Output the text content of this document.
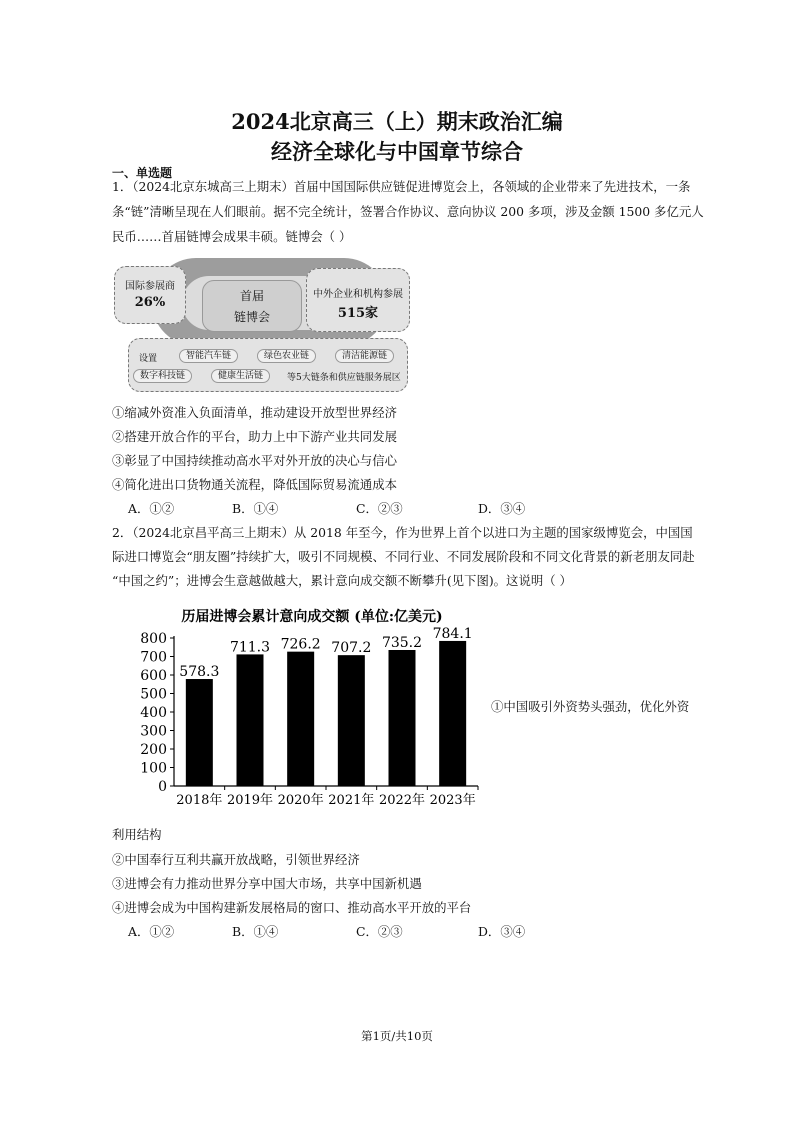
2024北京高三（上）期末政治汇编
经济全球化与中国章节综合
一、单选题
1．（2024北京东城高三上期末）首届中国国际供应链促进博览会上，各领域的企业带来了先进技术，一条
条“链”清晰呈现在人们眼前。据不完全统计，签署合作协议、意向协议 200 多项，涉及金额 1500 多亿元人
民币……首届链博会成果丰硕。链博会（ ）
国际参展商
26%	首届
链博会
中外企业和机构参展
515家
设置	智能汽车链	绿色农业链	清洁能源链
数字科技链	健康生活链	等5大链条和供应链服务展区
①缩减外资准入负面清单，推动建设开放型世界经济
②搭建开放合作的平台，助力上中下游产业共同发展
③彰显了中国持续推动高水平对外开放的决心与信心
④简化进出口货物通关流程，降低国际贸易流通成本
A．①②	B．①④	C．②③	D．③④
2．（2024北京昌平高三上期末）从 2018 年至今，作为世界上首个以进口为主题的国家级博览会，中国国
际进口博览会“朋友圈”持续扩大，吸引不同规模、不同行业、不同发展阶段和不同文化背景的新老朋友同赴
“中国之约”；进博会生意越做越大，累计意向成交额不断攀升(见下图)。这说明（ ）
历届进博会累计意向成交额 (单位:亿美元)
0
100
200
300
400
500
600
700
800
578.3
2018年
711.3
2019年
726.2
2020年
707.2
2021年
735.2
2022年
784.1
2023年
①中国吸引外资势头强劲，优化外资
利用结构
②中国奉行互利共赢开放战略，引领世界经济
③进博会有力推动世界分享中国大市场，共享中国新机遇
④进博会成为中国构建新发展格局的窗口、推动高水平开放的平台
A．①②	B．①④	C．②③	D．③④
第1页/共10页
